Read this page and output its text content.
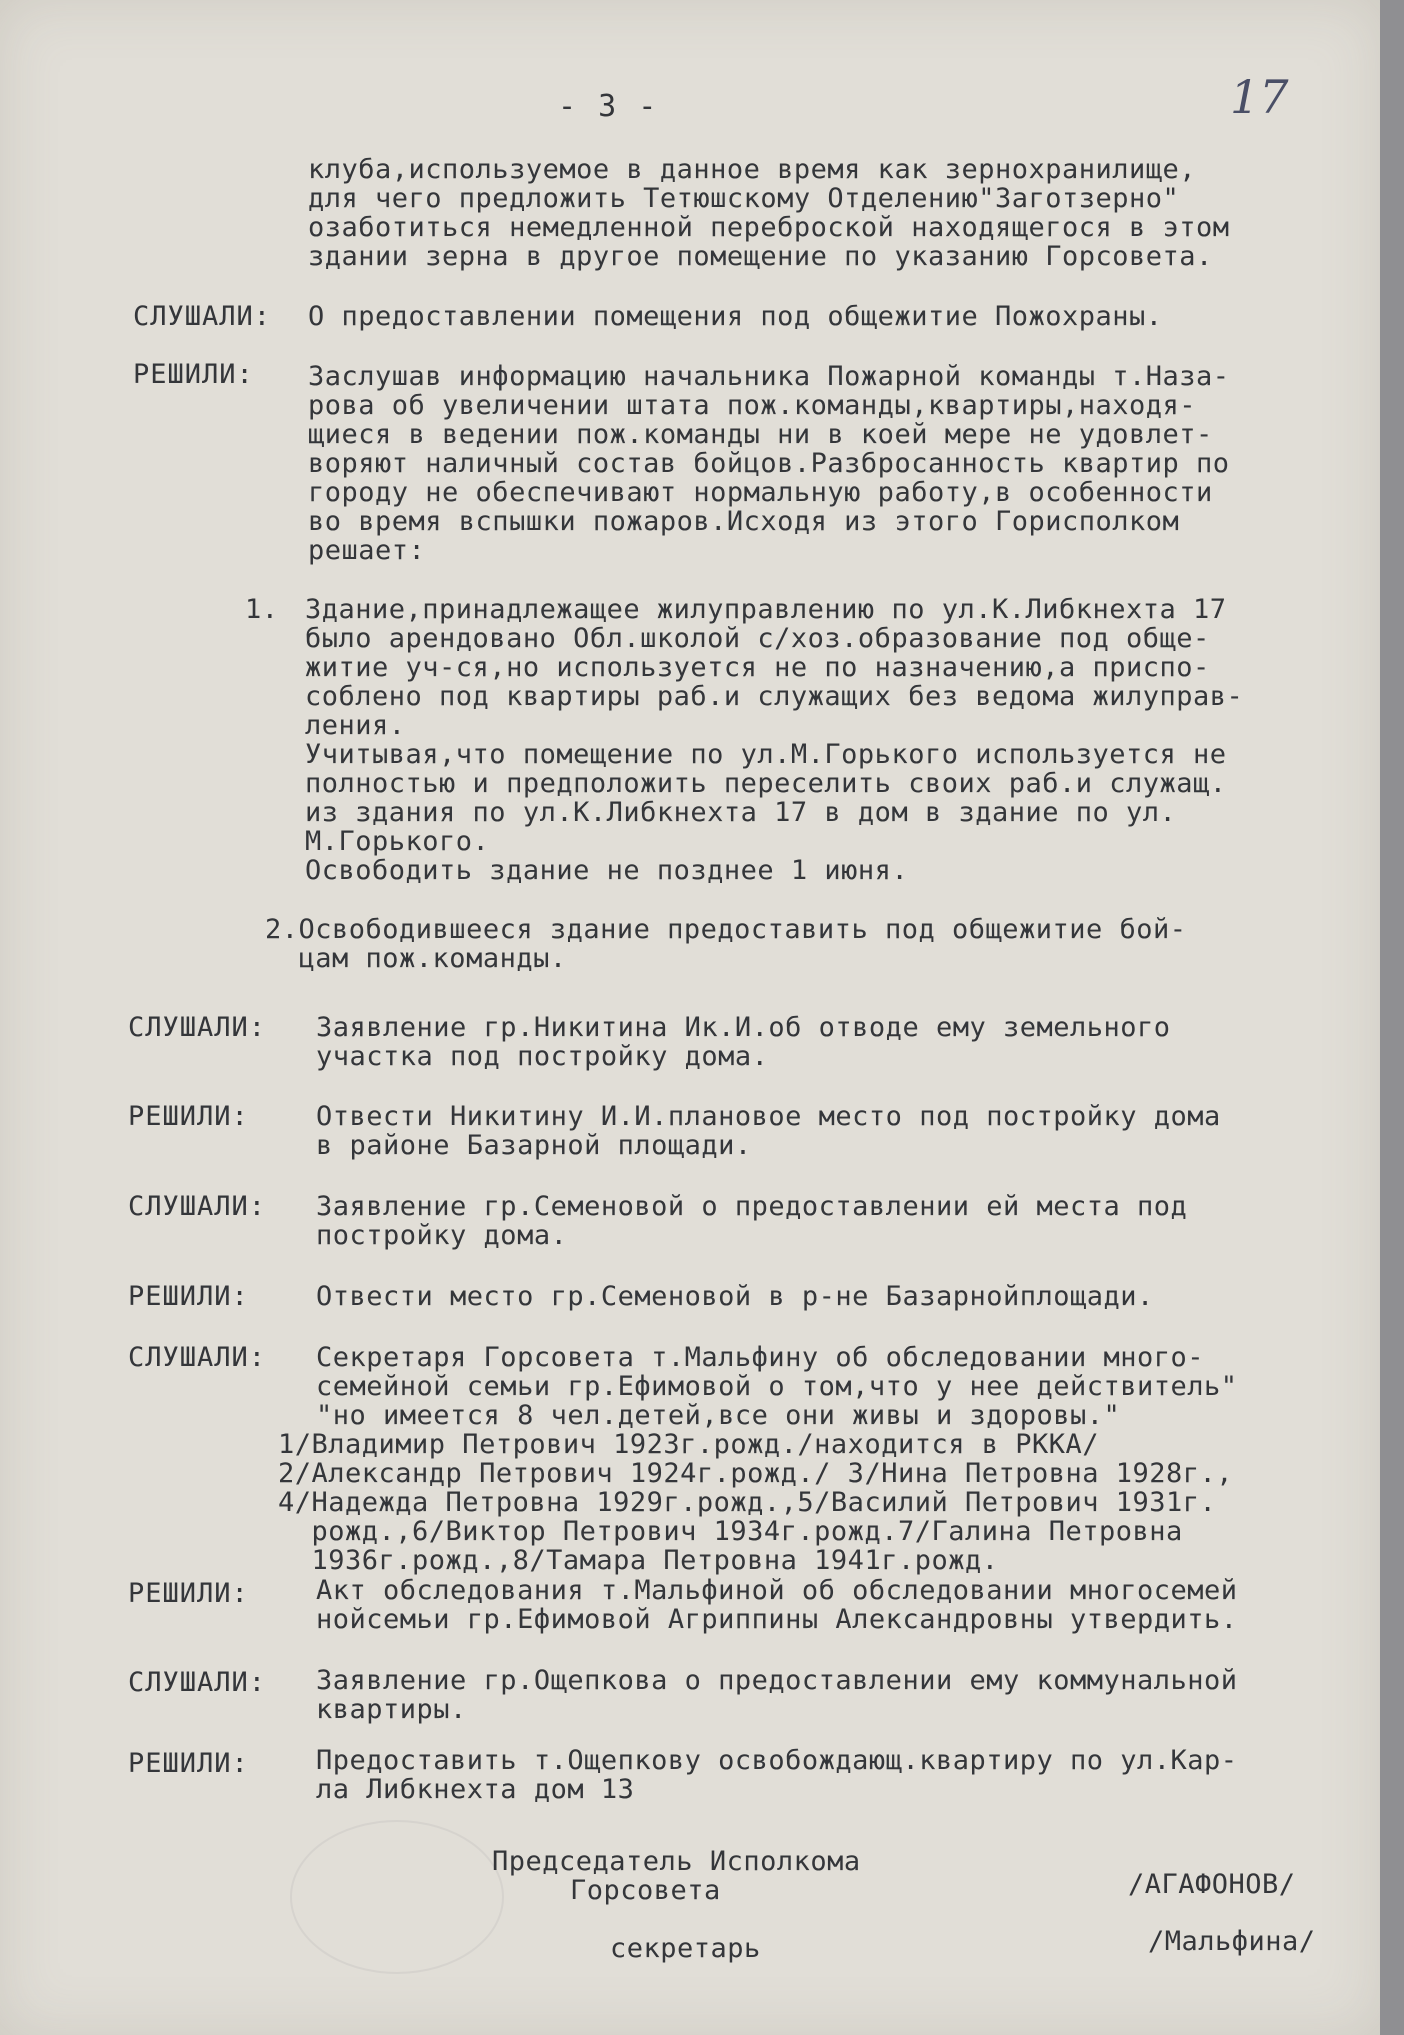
- 3 -	17
клуба,используемое в данное время как зернохранилище,
для чего предложить Тетюшскому Отделению"Заготзерно"
озаботиться немедленной переброской находящегося в этом
здании зерна в другое помещение по указанию Горсовета.
СЛУШАЛИ: О предоставлении помещения под общежитие Пожохраны.
РЕШИЛИ: Заслушав информацию начальника Пожарной команды т.Наза-
рова об увеличении штата пож.команды,квартиры,находя-
щиеся в ведении пож.команды ни в коей мере не удовлет-
воряют наличный состав бойцов.Разбросанность квартир по
городу не обеспечивают нормальную работу,в особенности
во время вспышки пожаров.Исходя из этого Горисполком
решает:
1. Здание,принадлежащее жилуправлению по ул.К.Либкнехта 17
было арендовано Обл.школой с/хоз.образование под обще-
житие уч-ся,но используется не по назначению,а приспо-
соблено под квартиры раб.и служащих без ведома жилуправ-
ления.
Учитывая,что помещение по ул.М.Горького используется не
полностью и предположить переселить своих раб.и служащ.
из здания по ул.К.Либкнехта 17 в дом в здание по ул.
М.Горького.
Освободить здание не позднее 1 июня.
2.Освободившееся здание предоставить под общежитие бой-
цам пож.команды.
СЛУШАЛИ: Заявление гр.Никитина Ик.И.об отводе ему земельного
участка под постройку дома.
РЕШИЛИ: Отвести Никитину И.И.плановое место под постройку дома
в районе Базарной площади.
СЛУШАЛИ: Заявление гр.Семеновой о предоставлении ей места под
постройку дома.
РЕШИЛИ: Отвести место гр.Семеновой в р-не Базарнойплощади.
СЛУШАЛИ: Секретаря Горсовета т.Мальфину об обследовании много-
семейной семьи гр.Ефимовой о том,что у нее действитель"
"но имеется 8 чел.детей,все они живы и здоровы."
1/Владимир Петрович 1923г.рожд./находится в РККА/
2/Александр Петрович 1924г.рожд./ 3/Нина Петровна 1928г.,
4/Надежда Петровна 1929г.рожд.,5/Василий Петрович 1931г.
рожд.,6/Виктор Петрович 1934г.рожд.7/Галина Петровна
1936г.рожд.,8/Тамара Петровна 1941г.рожд.
РЕШИЛИ: Акт обследования т.Мальфиной об обследовании многосемей
нойсемьи гр.Ефимовой Агриппины Александровны утвердить.
СЛУШАЛИ: Заявление гр.Ощепкова о предоставлении ему коммунальной
квартиры.
РЕШИЛИ: Предоставить т.Ощепкову освобождающ.квартиру по ул.Кар-
ла Либкнехта дом 13
Председатель Исполкома
Горсовета	/АГАФОНОВ/
секретарь	/Мальфина/
